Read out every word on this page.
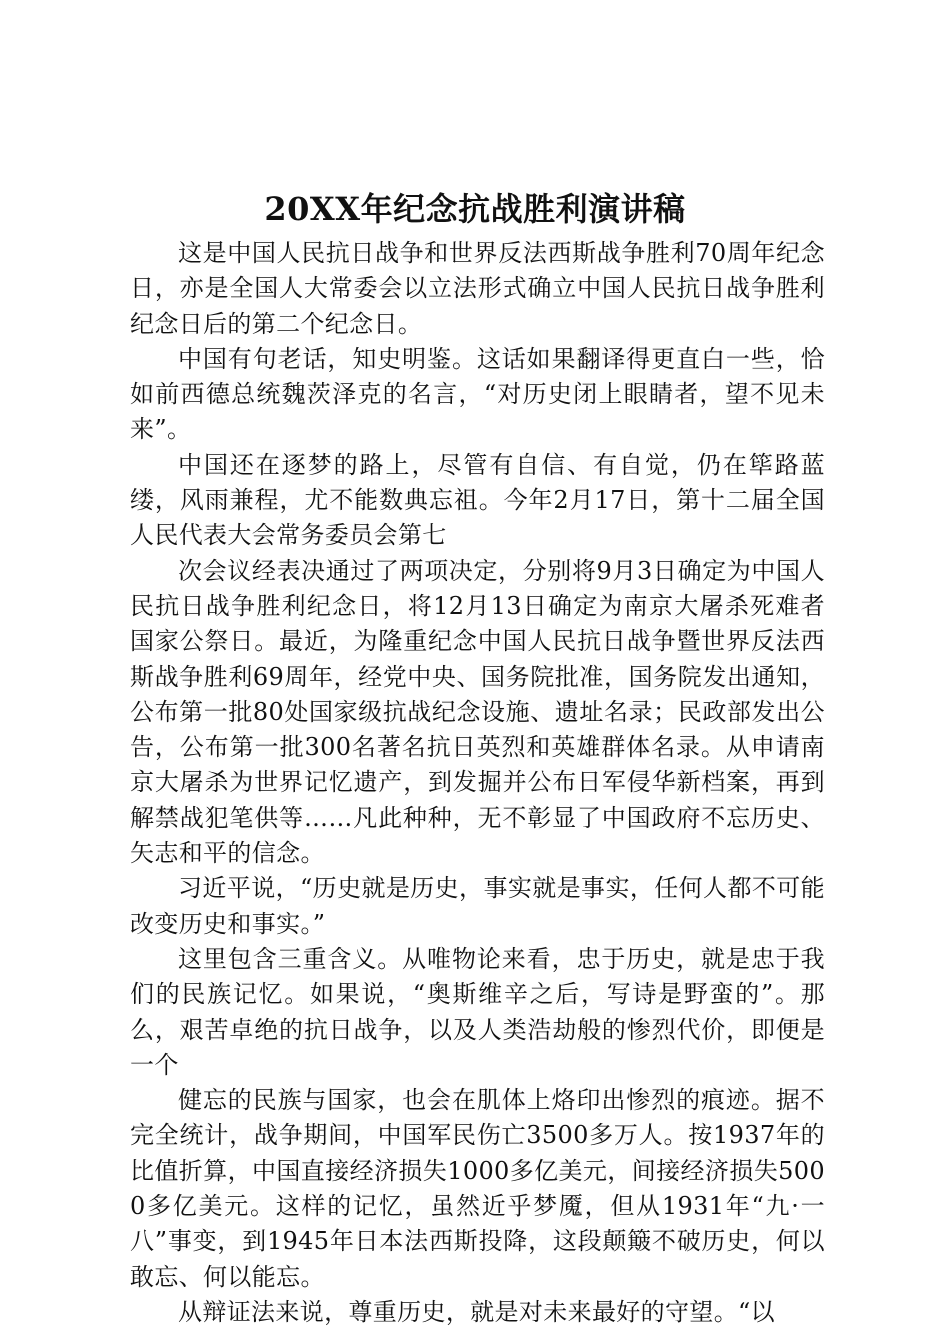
20XX年纪念抗战胜利演讲稿

这是中国人民抗日战争和世界反法西斯战争胜利70周年纪念日，亦是全国人大常委会以立法形式确立中国人民抗日战争胜利纪念日后的第二个纪念日。

中国有句老话，知史明鉴。这话如果翻译得更直白一些，恰如前西德总统魏茨泽克的名言，“对历史闭上眼睛者，望不见未来”。

中国还在逐梦的路上，尽管有自信、有自觉，仍在筚路蓝缕，风雨兼程，尤不能数典忘祖。今年2月17日，第十二届全国人民代表大会常务委员会第七

次会议经表决通过了两项决定，分别将9月3日确定为中国人民抗日战争胜利纪念日，将12月13日确定为南京大屠杀死难者国家公祭日。最近，为隆重纪念中国人民抗日战争暨世界反法西斯战争胜利69周年，经党中央、国务院批准，国务院发出通知，公布第一批80处国家级抗战纪念设施、遗址名录；民政部发出公告，公布第一批300名著名抗日英烈和英雄群体名录。从申请南京大屠杀为世界记忆遗产，到发掘并公布日军侵华新档案，再到解禁战犯笔供等……凡此种种，无不彰显了中国政府不忘历史、矢志和平的信念。

习近平说，“历史就是历史，事实就是事实，任何人都不可能改变历史和事实。”

这里包含三重含义。从唯物论来看，忠于历史，就是忠于我们的民族记忆。如果说，“奥斯维辛之后，写诗是野蛮的”。那么，艰苦卓绝的抗日战争，以及人类浩劫般的惨烈代价，即便是一个

健忘的民族与国家，也会在肌体上烙印出惨烈的痕迹。据不完全统计，战争期间，中国军民伤亡3500多万人。按1937年的比值折算，中国直接经济损失1000多亿美元，间接经济损失5000多亿美元。这样的记忆，虽然近乎梦魇，但从1931年“九·一八”事变，到1945年日本法西斯投降，这段颠簸不破历史，何以敢忘、何以能忘。

从辩证法来说，尊重历史，就是对未来最好的守望。“以
